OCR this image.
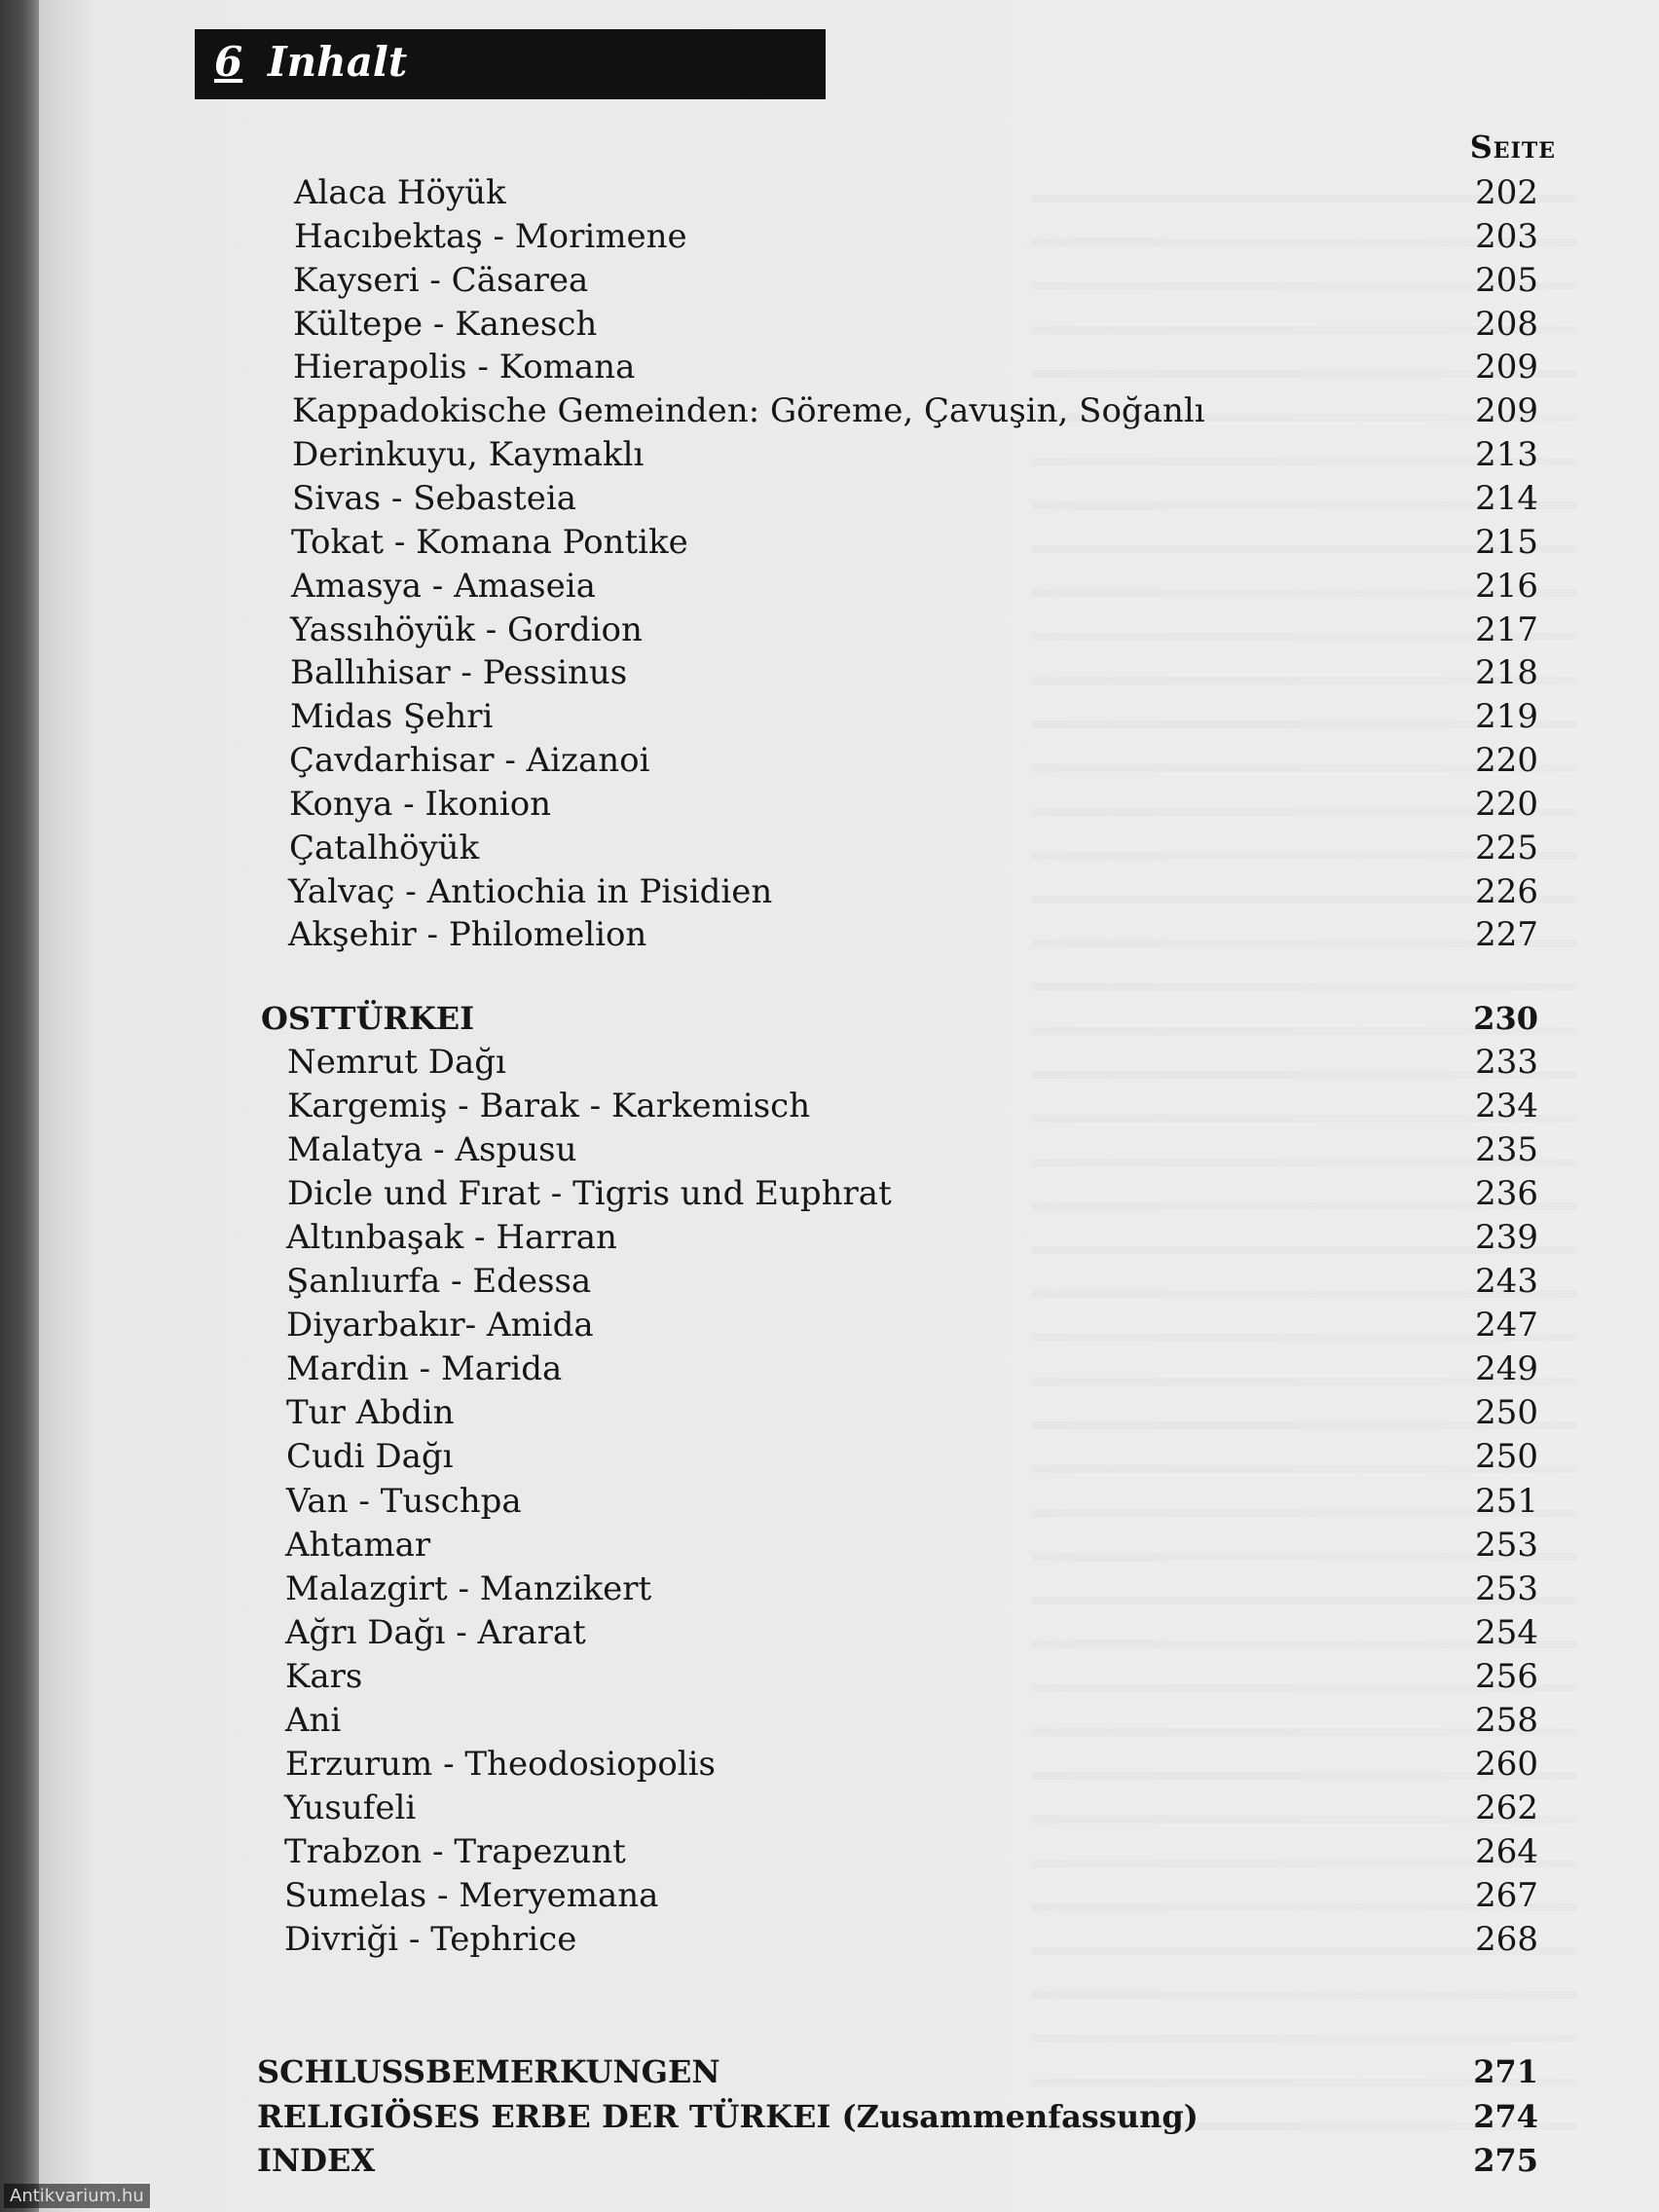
6 Inhalt
Seite
Alaca Höyük	202
Hacıbektaş - Morimene	203
Kayseri - Cäsarea	205
Kültepe - Kanesch	208
Hierapolis - Komana	209
Kappadokische Gemeinden: Göreme, Çavuşin, Soğanlı	209
Derinkuyu, Kaymaklı	213
Sivas - Sebasteia	214
Tokat - Komana Pontike	215
Amasya - Amaseia	216
Yassıhöyük - Gordion	217
Ballıhisar - Pessinus	218
Midas Şehri	219
Çavdarhisar - Aizanoi	220
Konya - Ikonion	220
Çatalhöyük	225
Yalvaç - Antiochia in Pisidien	226
Akşehir - Philomelion	227
OSTTÜRKEI	230
Nemrut Dağı	233
Kargemiş - Barak - Karkemisch	234
Malatya - Aspusu	235
Dicle und Fırat - Tigris und Euphrat	236
Altınbaşak - Harran	239
Şanlıurfa - Edessa	243
Diyarbakır- Amida	247
Mardin - Marida	249
Tur Abdin	250
Cudi Dağı	250
Van - Tuschpa	251
Ahtamar	253
Malazgirt - Manzikert	253
Ağrı Dağı - Ararat	254
Kars	256
Ani	258
Erzurum - Theodosiopolis	260
Yusufeli	262
Trabzon - Trapezunt	264
Sumelas - Meryemana	267
Divriği - Tephrice	268
SCHLUSSBEMERKUNGEN	271
RELIGIÖSES ERBE DER TÜRKEI (Zusammenfassung)	274
INDEX	275
Antikvarium.hu
